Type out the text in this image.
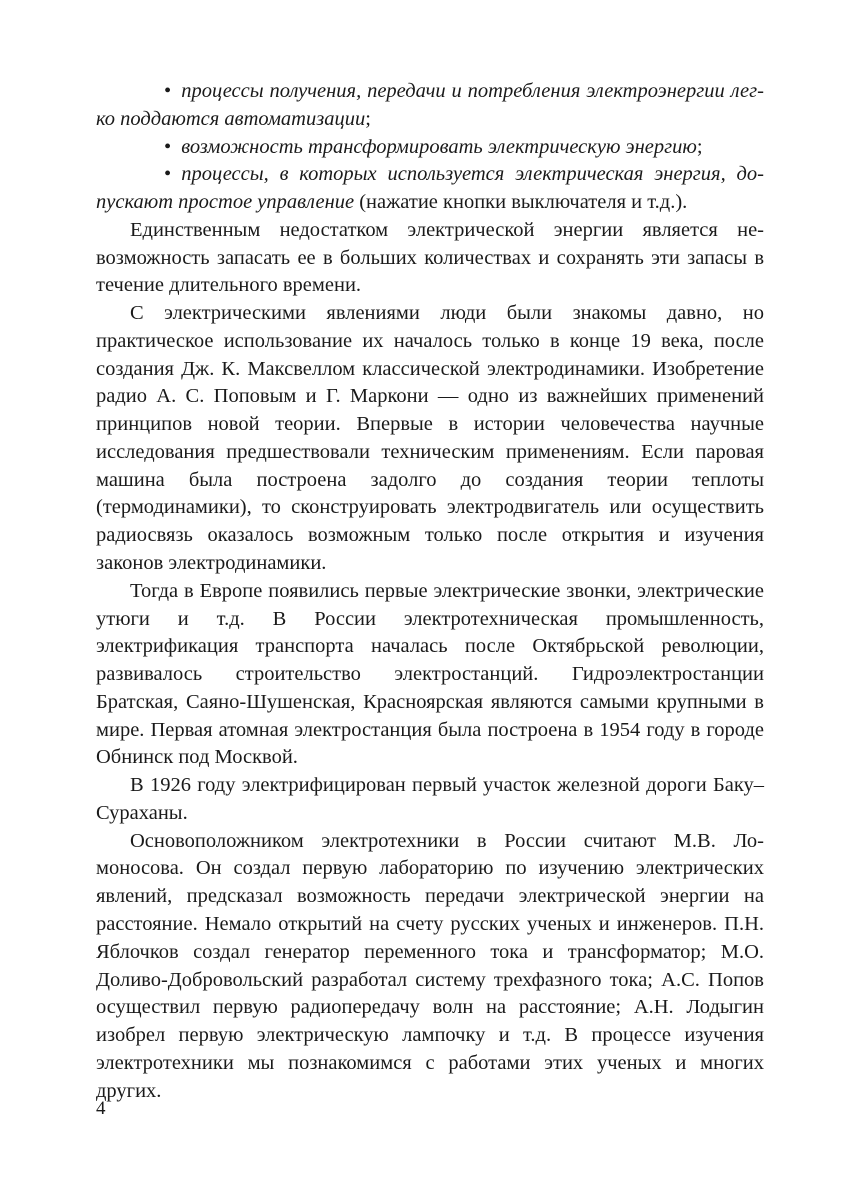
• процессы получения, передачи и потребления электроэнергии легко поддаются автоматизации;

• возможность трансформировать электрическую энергию;

• процессы, в которых используется электрическая энергия, допускают простое управление (нажатие кнопки выключателя и т.д.).

Единственным недостатком электрической энергии является невозможность запасать ее в больших количествах и сохранять эти запасы в течение длительного времени.

С электрическими явлениями люди были знакомы давно, но практическое использование их началось только в конце 19 века, после создания Дж. К. Максвеллом классической электродинамики. Изобретение радио А. С. Поповым и Г. Маркони — одно из важнейших применений принципов новой теории. Впервые в истории человечества научные исследования предшествовали техническим применениям. Если паровая машина была построена задолго до создания теории теплоты (термодинамики), то сконструировать электродвигатель или осуществить радиосвязь оказалось возможным только после открытия и изучения законов электродинамики.

Тогда в Европе появились первые электрические звонки, электрические утюги и т.д. В России электротехническая промышленность, электрификация транспорта началась после Октябрьской революции, развивалось строительство электростанций. Гидроэлектростанции Братская, Саяно-Шушенская, Красноярская являются самыми крупными в мире. Первая атомная электростанция была построена в 1954 году в городе Обнинск под Москвой.

В 1926 году электрифицирован первый участок железной дороги Баку–Сураханы.

Основоположником электротехники в России считают М.В. Ломоносова. Он создал первую лабораторию по изучению электрических явлений, предсказал возможность передачи электрической энергии на расстояние. Немало открытий на счету русских ученых и инженеров. П.Н. Яблочков создал генератор переменного тока и трансформатор; М.О. Доливо-Добровольский разработал систему трехфазного тока; А.С. Попов осуществил первую радиопередачу волн на расстояние; А.Н. Лодыгин изобрел первую электрическую лампочку и т.д. В процессе изучения электротехники мы познакомимся с работами этих ученых и многих других.

4
